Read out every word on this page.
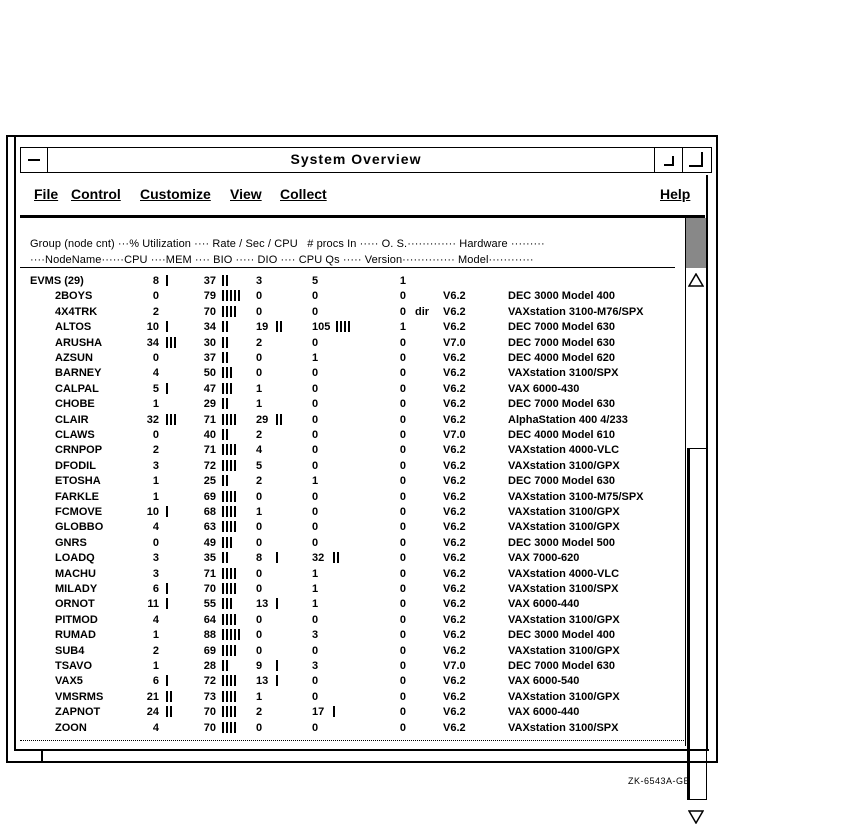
System Overview
File Control Customize View Collect	Help
Group (node cnt) ···% Utilization ···· Rate / Sec / CPU   # procs In ····· O. S.············· Hardware ·········
····NodeName······CPU ····MEM ···· BIO ····· DIO ···· CPU Qs ····· Version·············· Model············
EVMS (29)	8	37	3	5	1
2BOYS	0	79	0	0	0	V6.2	DEC 3000 Model 400
4X4TRK	2	70	0	0	0 dir V6.2	VAXstation 3100-M76/SPX
ALTOS	10	34	19	105	1	V6.2	DEC 7000 Model 630
ARUSHA	34	30	2	0	0	V7.0	DEC 7000 Model 630
AZSUN	0	37	0	1	0	V6.2	DEC 4000 Model 620
BARNEY	4	50	0	0	0	V6.2	VAXstation 3100/SPX
CALPAL	5	47	1	0	0	V6.2	VAX 6000-430
CHOBE	1	29	1	0	0	V6.2	DEC 7000 Model 630
CLAIR	32	71	29	0	0	V6.2	AlphaStation 400 4/233
CLAWS	0	40	2	0	0	V7.0	DEC 4000 Model 610
CRNPOP	2	71	4	0	0	V6.2	VAXstation 4000-VLC
DFODIL	3	72	5	0	0	V6.2	VAXstation 3100/GPX
ETOSHA	1	25	2	1	0	V6.2	DEC 7000 Model 630
FARKLE	1	69	0	0	0	V6.2	VAXstation 3100-M75/SPX
FCMOVE	10	68	1	0	0	V6.2	VAXstation 3100/GPX
GLOBBO	4	63	0	0	0	V6.2	VAXstation 3100/GPX
GNRS	0	49	0	0	0	V6.2	DEC 3000 Model 500
LOADQ	3	35	8	32	0	V6.2	VAX 7000-620
MACHU	3	71	0	1	0	V6.2	VAXstation 4000-VLC
MILADY	6	70	0	1	0	V6.2	VAXstation 3100/SPX
ORNOT	11	55	13	1	0	V6.2	VAX 6000-440
PITMOD	4	64	0	0	0	V6.2	VAXstation 3100/GPX
RUMAD	1	88	0	3	0	V6.2	DEC 3000 Model 400
SUB4	2	69	0	0	0	V6.2	VAXstation 3100/GPX
TSAVO	1	28	9	3	0	V7.0	DEC 7000 Model 630
VAX5	6	72	13	0	0	V6.2	VAX 6000-540
VMSRMS	21	73	1	0	0	V6.2	VAXstation 3100/GPX
ZAPNOT	24	70	2	17	0	V6.2	VAX 6000-440
ZOON	4	70	0	0	0	V6.2	VAXstation 3100/SPX
ZK-6543A-GE
